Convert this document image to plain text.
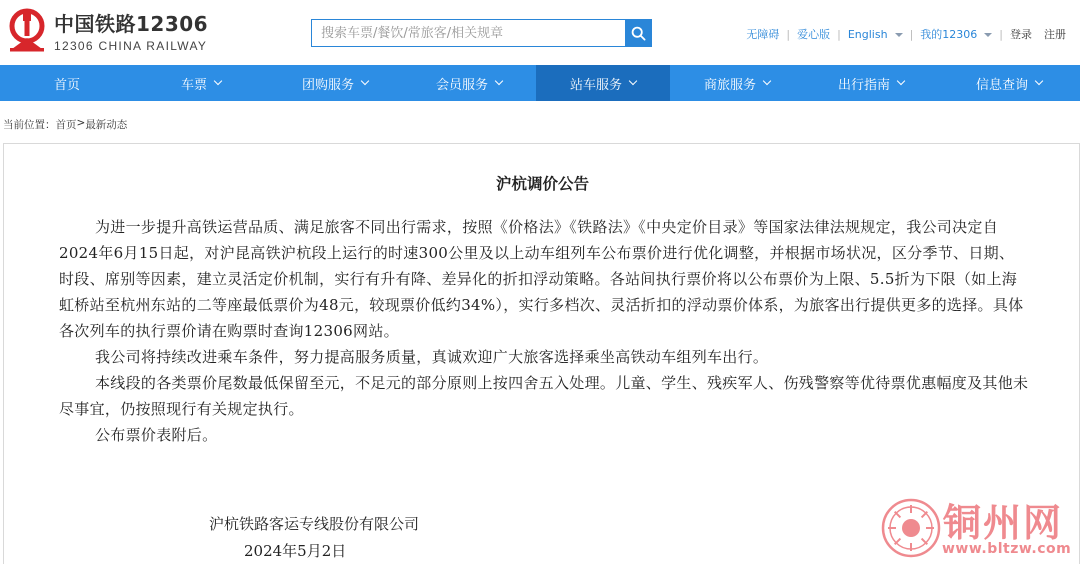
中国铁路12306
12306 CHINA RAILWAY
搜索车票/餐饮/常旅客/相关规章
无障碍 | 爱心版 | English	| 我的12306	| 登录 注册
首页	车票	团购服务	会员服务	站车服务	商旅服务	出行指南	信息查询
当前位置： 首页 > 最新动态
沪杭调价公告

为进一步提升高铁运营品质、满足旅客不同出行需求，按照《价格法》《铁路法》《中央定价目录》等国家法律法规规定，我公司决定自2024年6月15日起，对沪昆高铁沪杭段上运行的时速300公里及以上动车组列车公布票价进行优化调整，并根据市场状况，区分季节、日期、时段、席别等因素，建立灵活定价机制，实行有升有降、差异化的折扣浮动策略。各站间执行票价将以公布票价为上限、5.5折为下限（如上海虹桥站至杭州东站的二等座最低票价为48元，较现票价低约34%），实行多档次、灵活折扣的浮动票价体系，为旅客出行提供更多的选择。具体各次列车的执行票价请在购票时查询12306网站。

我公司将持续改进乘车条件，努力提高服务质量，真诚欢迎广大旅客选择乘坐高铁动车组列车出行。

本线段的各类票价尾数最低保留至元，不足元的部分原则上按四舍五入处理。儿童、学生、残疾军人、伤残警察等优待票优惠幅度及其他未尽事宜，仍按照现行有关规定执行。

公布票价表附后。

沪杭铁路客运专线股份有限公司
2024年5月2日
铜州网
www.bltzw.com
